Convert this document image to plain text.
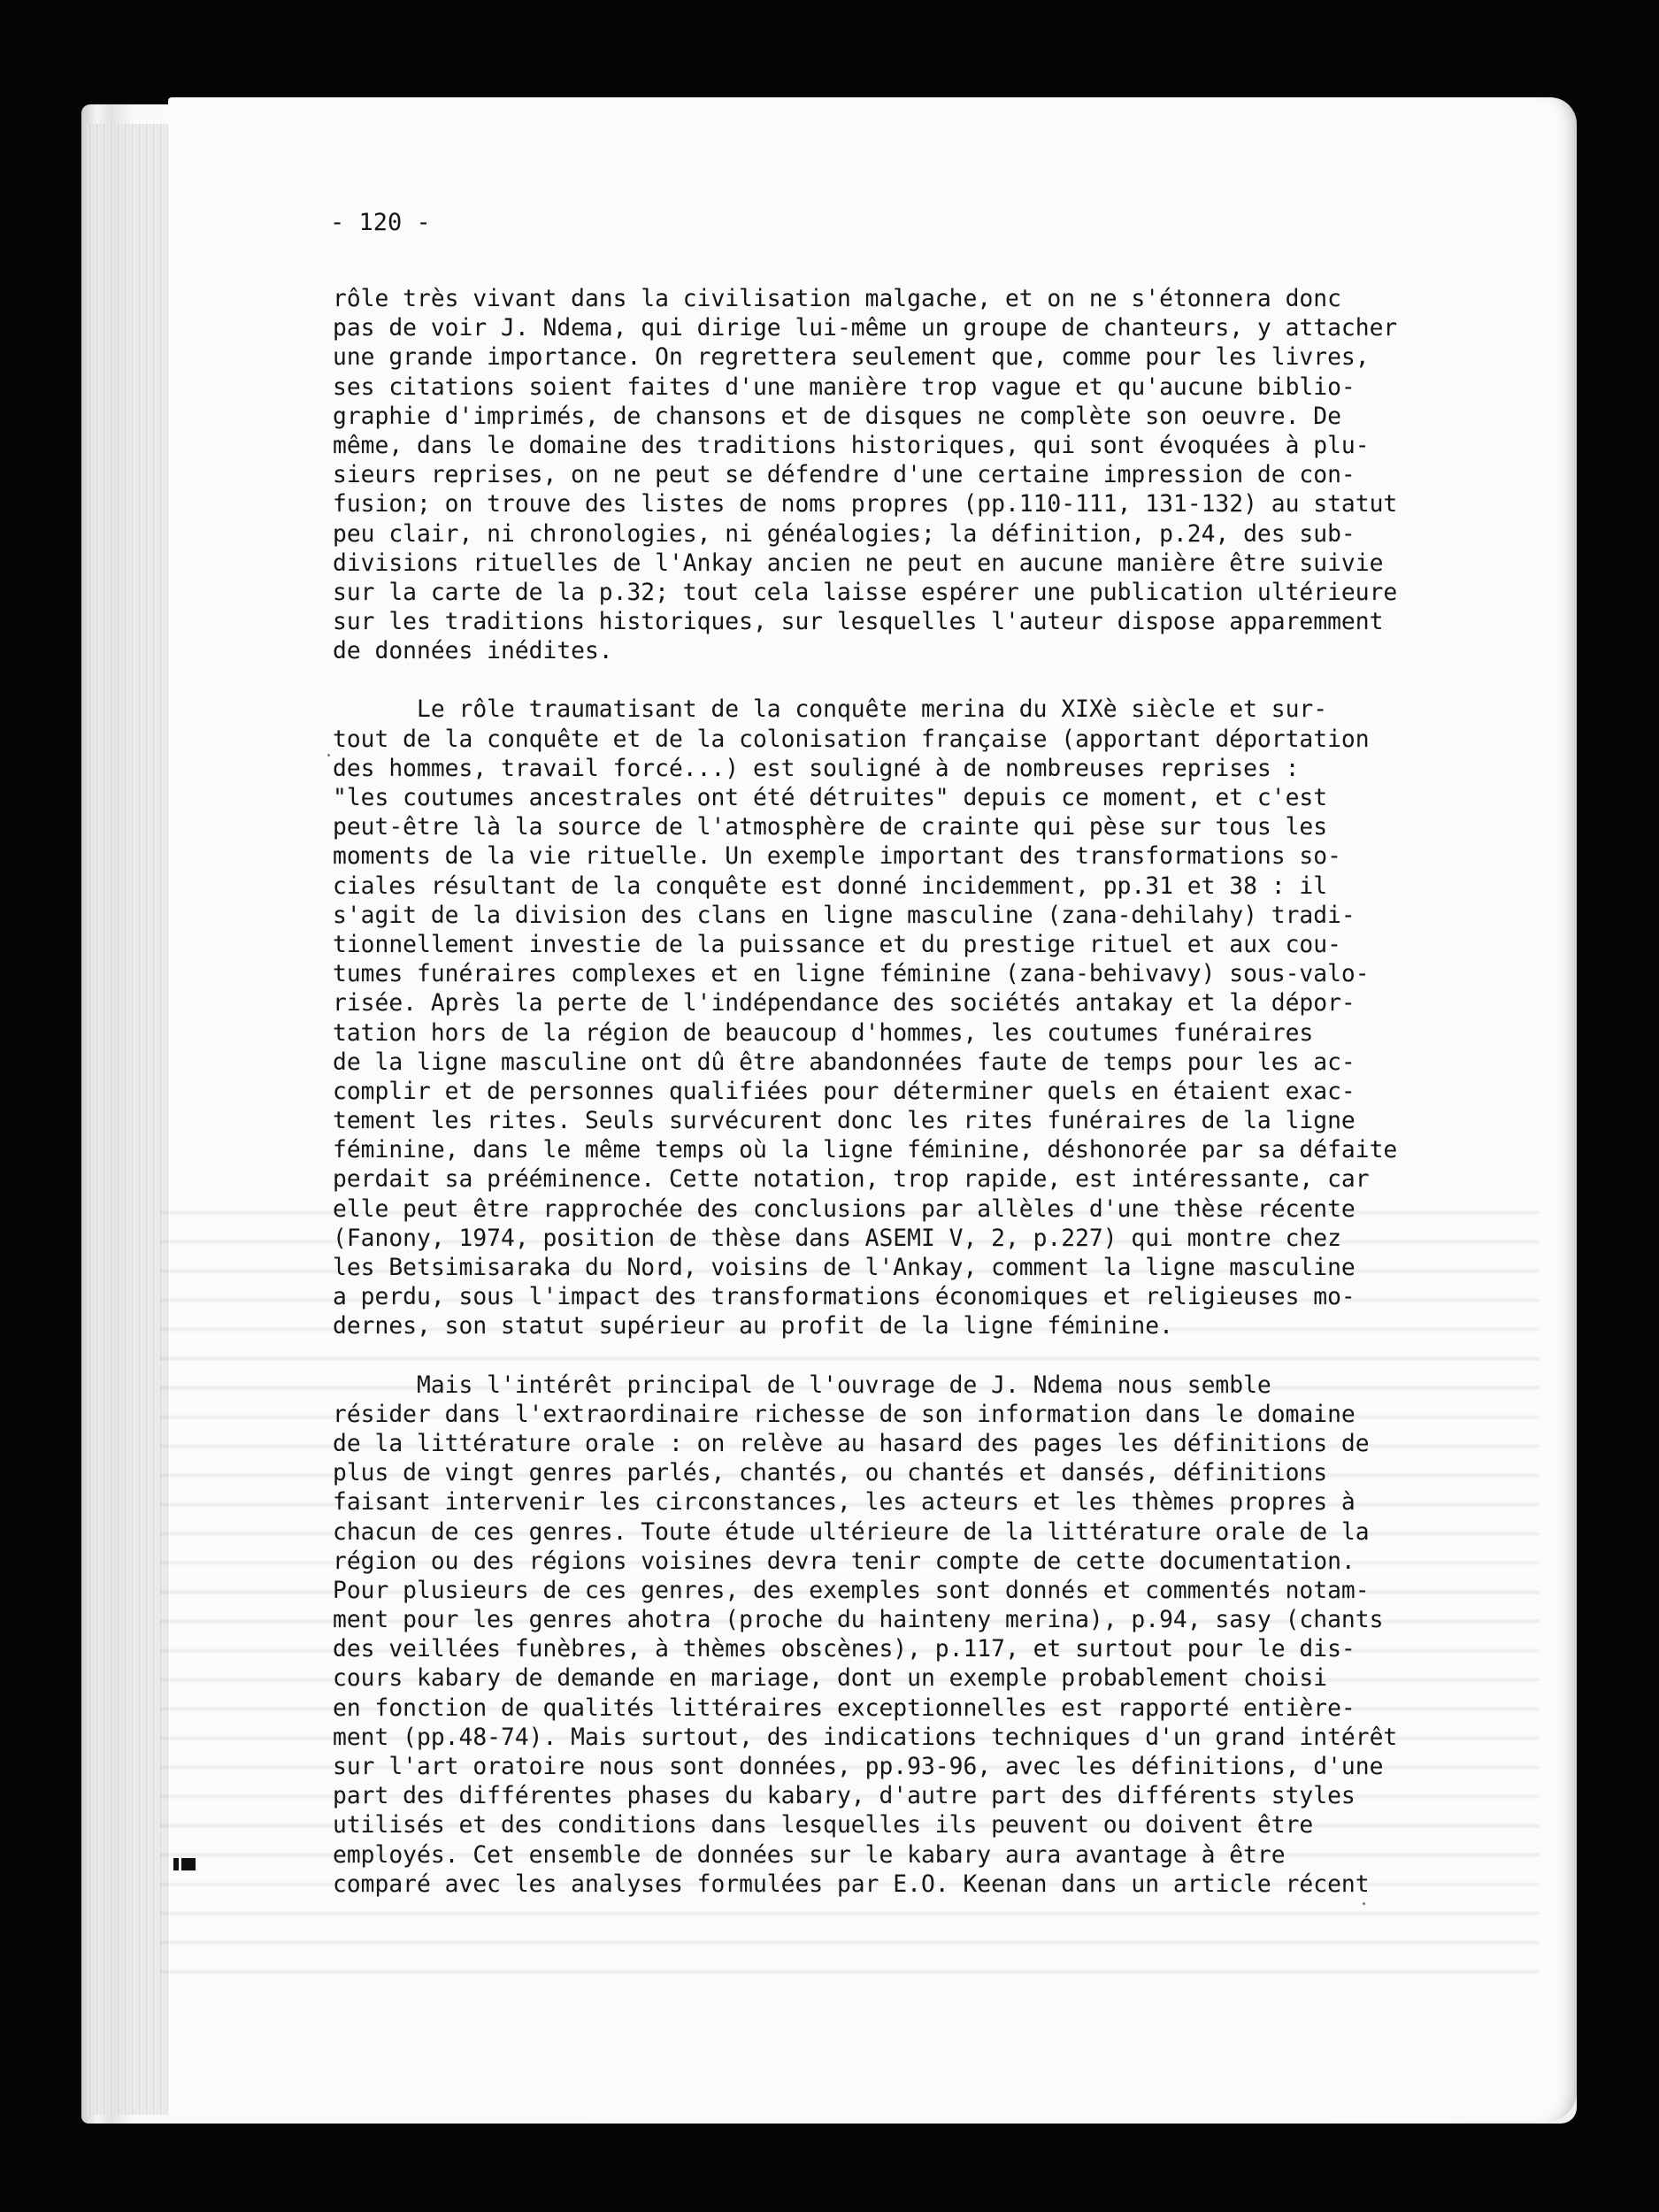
- 120 -
rôle très vivant dans la civilisation malgache, et on ne s'étonnera donc
pas de voir J. Ndema, qui dirige lui-même un groupe de chanteurs, y attacher
une grande importance. On regrettera seulement que, comme pour les livres,
ses citations soient faites d'une manière trop vague et qu'aucune biblio-
graphie d'imprimés, de chansons et de disques ne complète son oeuvre. De
même, dans le domaine des traditions historiques, qui sont évoquées à plu-
sieurs reprises, on ne peut se défendre d'une certaine impression de con-
fusion; on trouve des listes de noms propres (pp.110-111, 131-132) au statut
peu clair, ni chronologies, ni généalogies; la définition, p.24, des sub-
divisions rituelles de l'Ankay ancien ne peut en aucune manière être suivie
sur la carte de la p.32; tout cela laisse espérer une publication ultérieure
sur les traditions historiques, sur lesquelles l'auteur dispose apparemment
de données inédites.
Le rôle traumatisant de la conquête merina du XIXè siècle et sur-
tout de la conquête et de la colonisation française (apportant déportation
des hommes, travail forcé...) est souligné à de nombreuses reprises :
"les coutumes ancestrales ont été détruites" depuis ce moment, et c'est
peut-être là la source de l'atmosphère de crainte qui pèse sur tous les
moments de la vie rituelle. Un exemple important des transformations so-
ciales résultant de la conquête est donné incidemment, pp.31 et 38 : il
s'agit de la division des clans en ligne masculine (zana-dehilahy) tradi-
tionnellement investie de la puissance et du prestige rituel et aux cou-
tumes funéraires complexes et en ligne féminine (zana-behivavy) sous-valo-
risée. Après la perte de l'indépendance des sociétés antakay et la dépor-
tation hors de la région de beaucoup d'hommes, les coutumes funéraires
de la ligne masculine ont dû être abandonnées faute de temps pour les ac-
complir et de personnes qualifiées pour déterminer quels en étaient exac-
tement les rites. Seuls survécurent donc les rites funéraires de la ligne
féminine, dans le même temps où la ligne féminine, déshonorée par sa défaite
perdait sa prééminence. Cette notation, trop rapide, est intéressante, car
elle peut être rapprochée des conclusions par allèles d'une thèse récente
(Fanony, 1974, position de thèse dans ASEMI V, 2, p.227) qui montre chez
les Betsimisaraka du Nord, voisins de l'Ankay, comment la ligne masculine
a perdu, sous l'impact des transformations économiques et religieuses mo-
dernes, son statut supérieur au profit de la ligne féminine.
Mais l'intérêt principal de l'ouvrage de J. Ndema nous semble
résider dans l'extraordinaire richesse de son information dans le domaine
de la littérature orale : on relève au hasard des pages les définitions de
plus de vingt genres parlés, chantés, ou chantés et dansés, définitions
faisant intervenir les circonstances, les acteurs et les thèmes propres à
chacun de ces genres. Toute étude ultérieure de la littérature orale de la
région ou des régions voisines devra tenir compte de cette documentation.
Pour plusieurs de ces genres, des exemples sont donnés et commentés notam-
ment pour les genres ahotra (proche du hainteny merina), p.94, sasy (chants
des veillées funèbres, à thèmes obscènes), p.117, et surtout pour le dis-
cours kabary de demande en mariage, dont un exemple probablement choisi
en fonction de qualités littéraires exceptionnelles est rapporté entière-
ment (pp.48-74). Mais surtout, des indications techniques d'un grand intérêt
sur l'art oratoire nous sont données, pp.93-96, avec les définitions, d'une
part des différentes phases du kabary, d'autre part des différents styles
utilisés et des conditions dans lesquelles ils peuvent ou doivent être
employés. Cet ensemble de données sur le kabary aura avantage à être
comparé avec les analyses formulées par E.O. Keenan dans un article récent
